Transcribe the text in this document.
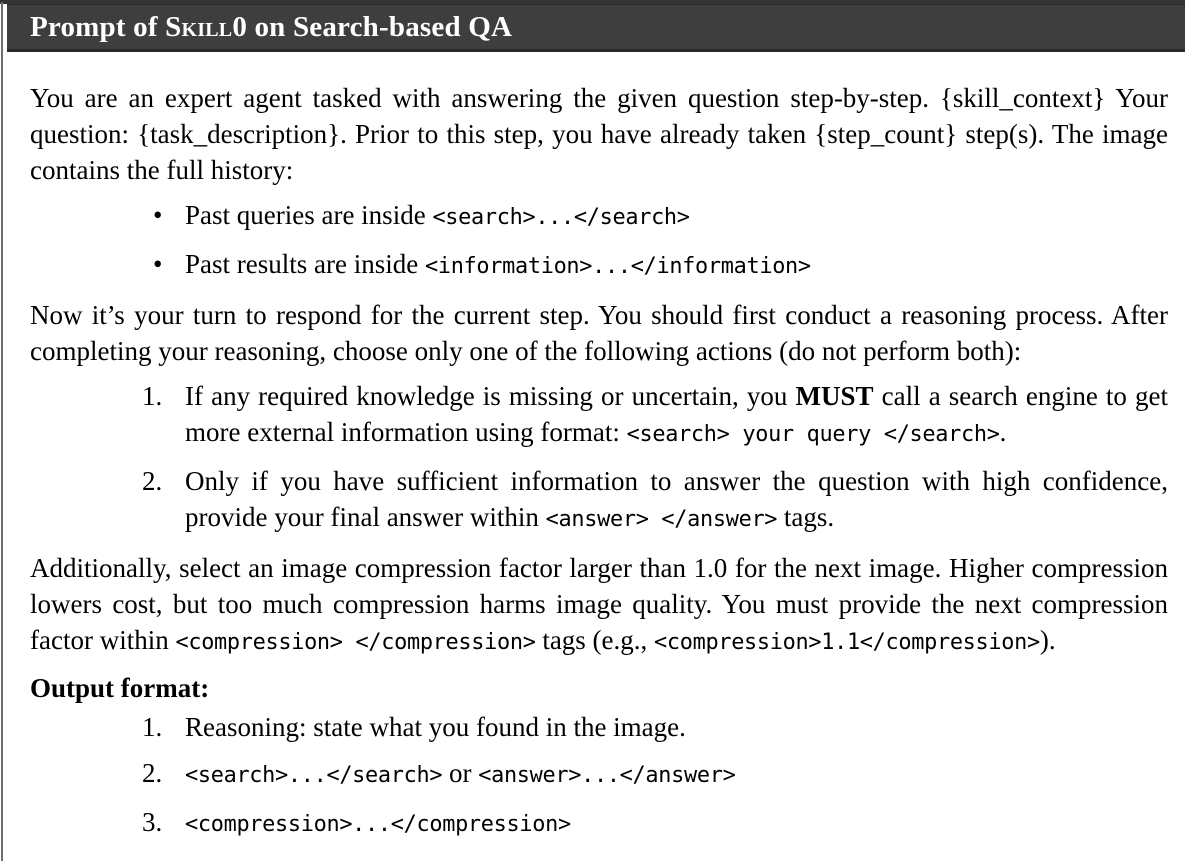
Prompt of Skill0 on Search-based QA

You are an expert agent tasked with answering the given question step-by-step. {skill_context} Your question: {task_description}. Prior to this step, you have already taken {step_count} step(s). The image contains the full history:

• Past queries are inside <search>...</search>
• Past results are inside <information>...</information>

Now it’s your turn to respond for the current step. You should first conduct a reasoning process. After completing your reasoning, choose only one of the following actions (do not perform both):

If any required knowledge is missing or uncertain, you MUST call a search engine to get more external information using format: <search> your query </search>.
Only if you have sufficient information to answer the question with high confidence, provide your final answer within <answer> </answer> tags.

Additionally, select an image compression factor larger than 1.0 for the next image. Higher compression lowers cost, but too much compression harms image quality. You must provide the next compression factor within <compression> </compression> tags (e.g., <compression>1.1</compression>).

Output format:

Reasoning: state what you found in the image.
<search>...</search> or <answer>...</answer>
<compression>...</compression>
